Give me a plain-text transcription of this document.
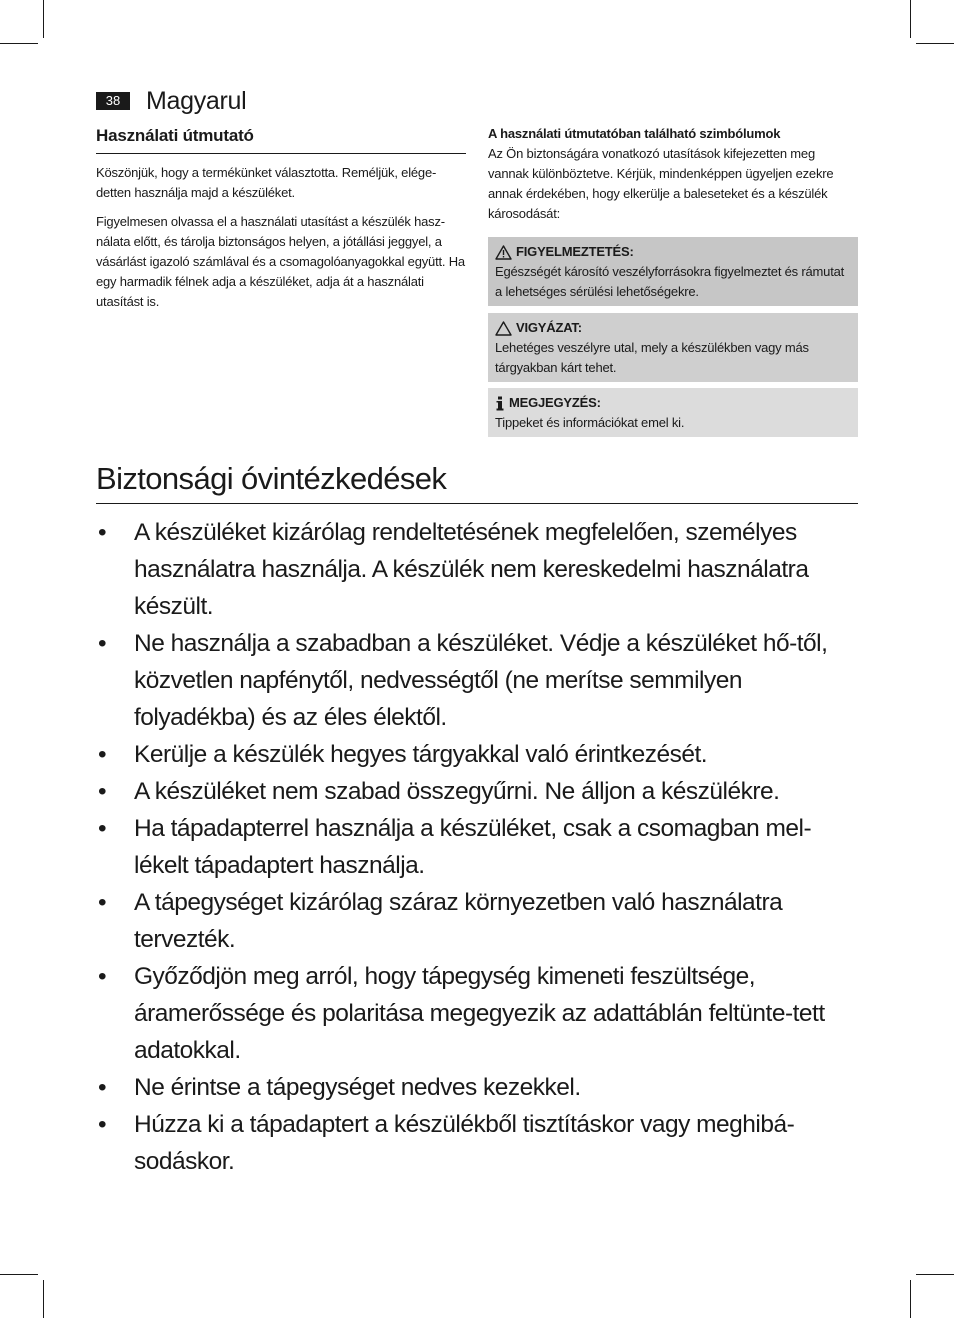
38	Magyarul
Használati útmutató

Köszönjük, hogy a termékünket választotta. Reméljük, elége-detten használja majd a készüléket.

Figyelmesen olvassa el a használati utasítást a készülék hasz-nálata előtt, és tárolja biztonságos helyen, a jótállási jeggyel, a vásárlást igazoló számlával és a csomagolóanyagokkal együtt. Ha egy harmadik félnek adja a készüléket, adja át a használati utasítást is.

A használati útmutatóban található szimbólumok

Az Ön biztonságára vonatkozó utasítások kifejezetten meg vannak különböztetve. Kérjük, mindenképpen ügyeljen ezekre annak érdekében, hogy elkerülje a baleseteket és a készülék károsodását:

FIGYELMEZTETÉS:
Egészségét károsító veszélyforrásokra figyelmeztet és rámutat a lehetséges sérülési lehetőségekre.
VIGYÁZAT:
Lehetéges veszélyre utal, mely a készülékben vagy más tárgyakban kárt tehet.
MEGJEGYZÉS:
Tippeket és információkat emel ki.
Biztonsági óvintézkedések
• A készüléket kizárólag rendeltetésének megfelelően, személyes használatra használja. A készülék nem kereskedelmi használatra készült.
• Ne használja a szabadban a készüléket. Védje a készüléket hő-től, közvetlen napfénytől, nedvességtől (ne merítse semmilyen folyadékba) és az éles élektől.
• Kerülje a készülék hegyes tárgyakkal való érintkezését.
• A készüléket nem szabad összegyűrni. Ne álljon a készülékre.
• Ha tápadapterrel használja a készüléket, csak a csomagban mel-lékelt tápadaptert használja.
• A tápegységet kizárólag száraz környezetben való használatra tervezték.
• Győződjön meg arról, hogy tápegység kimeneti feszültsége, áramerőssége és polaritása megegyezik az adattáblán feltünte-tett adatokkal.
• Ne érintse a tápegységet nedves kezekkel.
• Húzza ki a tápadaptert a készülékből tisztításkor vagy meghibá-sodáskor.
